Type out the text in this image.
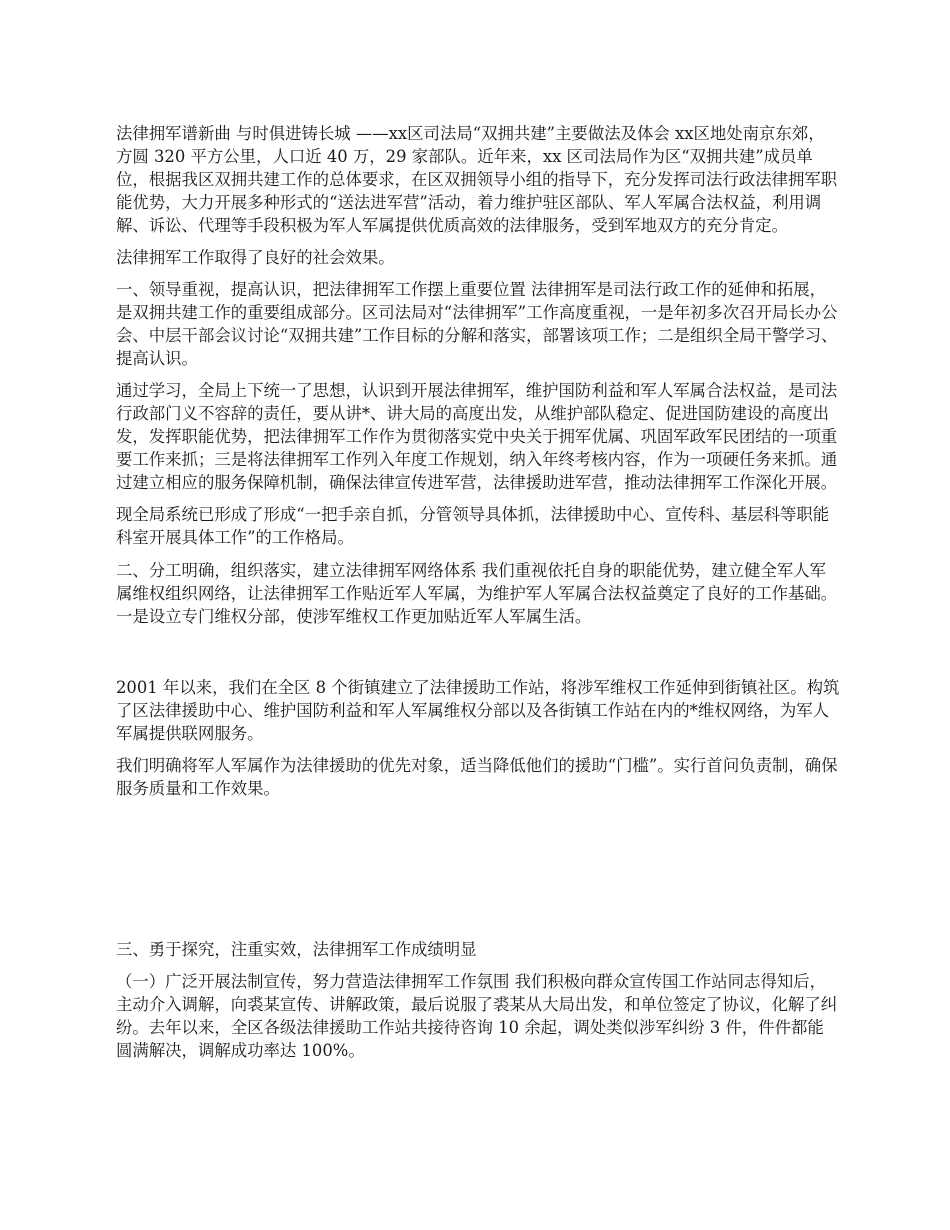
法律拥军谱新曲 与时俱进铸长城 ——xx区司法局“双拥共建”主要做法及体会 xx区地处南京东郊，方圆 320 平方公里，人口近 40 万，29 家部队。近年来，xx 区司法局作为区“双拥共建”成员单位，根据我区双拥共建工作的总体要求，在区双拥领导小组的指导下，充分发挥司法行政法律拥军职能优势，大力开展多种形式的“送法进军营”活动，着力维护驻区部队、军人军属合法权益，利用调解、诉讼、代理等手段积极为军人军属提供优质高效的法律服务，受到军地双方的充分肯定。

法律拥军工作取得了良好的社会效果。

一、领导重视，提高认识，把法律拥军工作摆上重要位置 法律拥军是司法行政工作的延伸和拓展，是双拥共建工作的重要组成部分。区司法局对“法律拥军”工作高度重视，一是年初多次召开局长办公会、中层干部会议讨论“双拥共建”工作目标的分解和落实，部署该项工作；二是组织全局干警学习、提高认识。

通过学习，全局上下统一了思想，认识到开展法律拥军，维护国防利益和军人军属合法权益，是司法行政部门义不容辞的责任，要从讲*、讲大局的高度出发，从维护部队稳定、促进国防建设的高度出发，发挥职能优势，把法律拥军工作作为贯彻落实党中央关于拥军优属、巩固军政军民团结的一项重要工作来抓；三是将法律拥军工作列入年度工作规划，纳入年终考核内容，作为一项硬任务来抓。通过建立相应的服务保障机制，确保法律宣传进军营，法律援助进军营，推动法律拥军工作深化开展。

现全局系统已形成了形成“一把手亲自抓，分管领导具体抓，法律援助中心、宣传科、基层科等职能科室开展具体工作”的工作格局。

二、分工明确，组织落实，建立法律拥军网络体系 我们重视依托自身的职能优势，建立健全军人军属维权组织网络，让法律拥军工作贴近军人军属，为维护军人军属合法权益奠定了良好的工作基础。 一是设立专门维权分部，使涉军维权工作更加贴近军人军属生活。

2001 年以来，我们在全区 8 个街镇建立了法律援助工作站，将涉军维权工作延伸到街镇社区。构筑了区法律援助中心、维护国防利益和军人军属维权分部以及各街镇工作站在内的*维权网络，为军人军属提供联网服务。

我们明确将军人军属作为法律援助的优先对象，适当降低他们的援助“门槛”。实行首问负责制，确保服务质量和工作效果。

三、勇于探究，注重实效，法律拥军工作成绩明显

（一）广泛开展法制宣传，努力营造法律拥军工作氛围 我们积极向群众宣传国工作站同志得知后，主动介入调解，向裘某宣传、讲解政策，最后说服了裘某从大局出发，和单位签定了协议，化解了纠纷。去年以来，全区各级法律援助工作站共接待咨询 10 余起，调处类似涉军纠纷 3 件，件件都能圆满解决，调解成功率达 100%。
